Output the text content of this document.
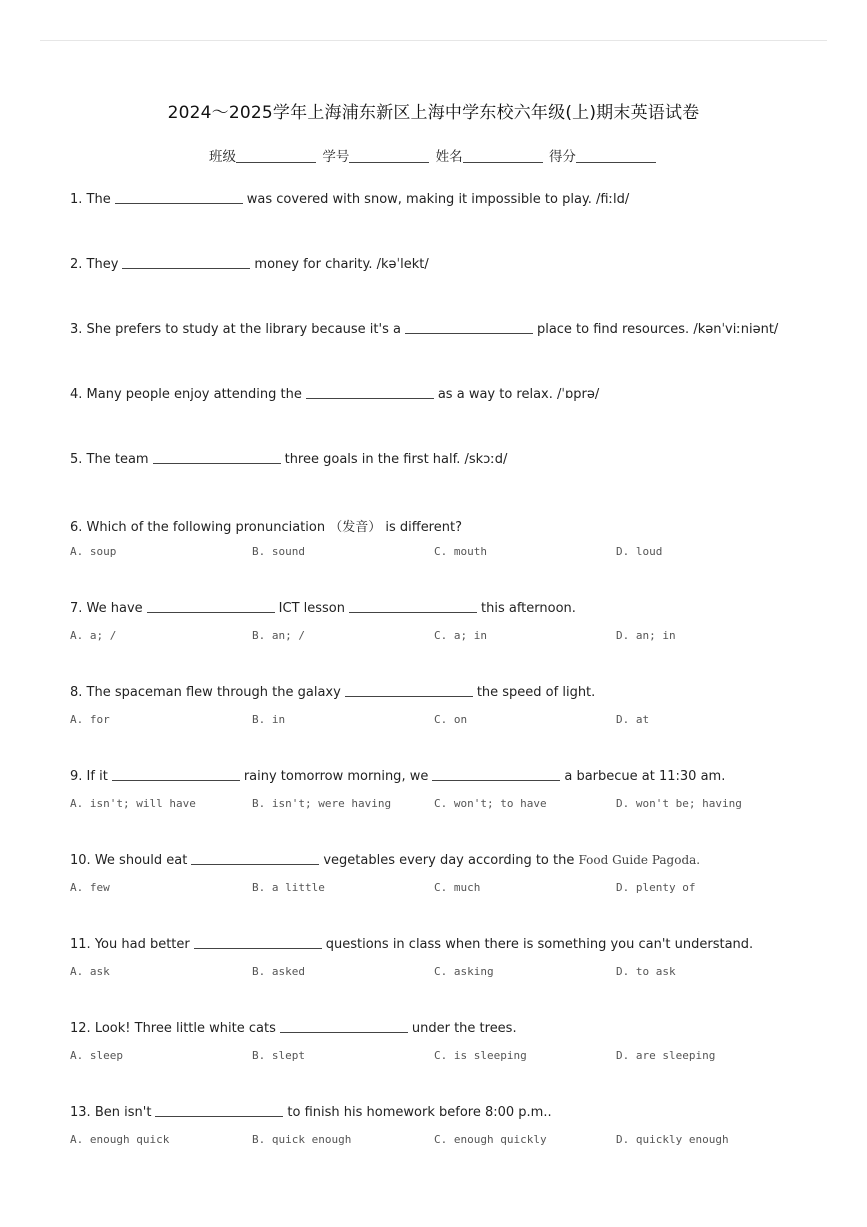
2024～2025学年上海浦东新区上海中学东校六年级(上)期末英语试卷
班级	学号	姓名	得分
1. The	was covered with snow, making it impossible to play. /fiːld/
2. They	money for charity. /kəˈlekt/
3. She prefers to study at the library because it's a	place to find resources. /kənˈviːniənt/
4. Many people enjoy attending the	as a way to relax. /ˈɒprə/
5. The team	three goals in the first half. /skɔːd/
6. Which of the following pronunciation （发音） is different?
A. soup	B. sound	C. mouth	D. loud
7. We have	ICT lesson	this afternoon.
A. a; /	B. an; /	C. a; in	D. an; in
8. The spaceman flew through the galaxy	the speed of light.
A. for	B. in	C. on	D. at
9. If it	rainy tomorrow morning, we	a barbecue at 11:30 am.
A. isn't; will have	B. isn't; were having	C. won't; to have	D. won't be; having
10. We should eat	vegetables every day according to the Food Guide Pagoda.
A. few	B. a little	C. much	D. plenty of
11. You had better	questions in class when there is something you can't understand.
A. ask	B. asked	C. asking	D. to ask
12. Look! Three little white cats	under the trees.
A. sleep	B. slept	C. is sleeping	D. are sleeping
13. Ben isn't	to finish his homework before 8:00 p.m..
A. enough quick	B. quick enough	C. enough quickly	D. quickly enough
